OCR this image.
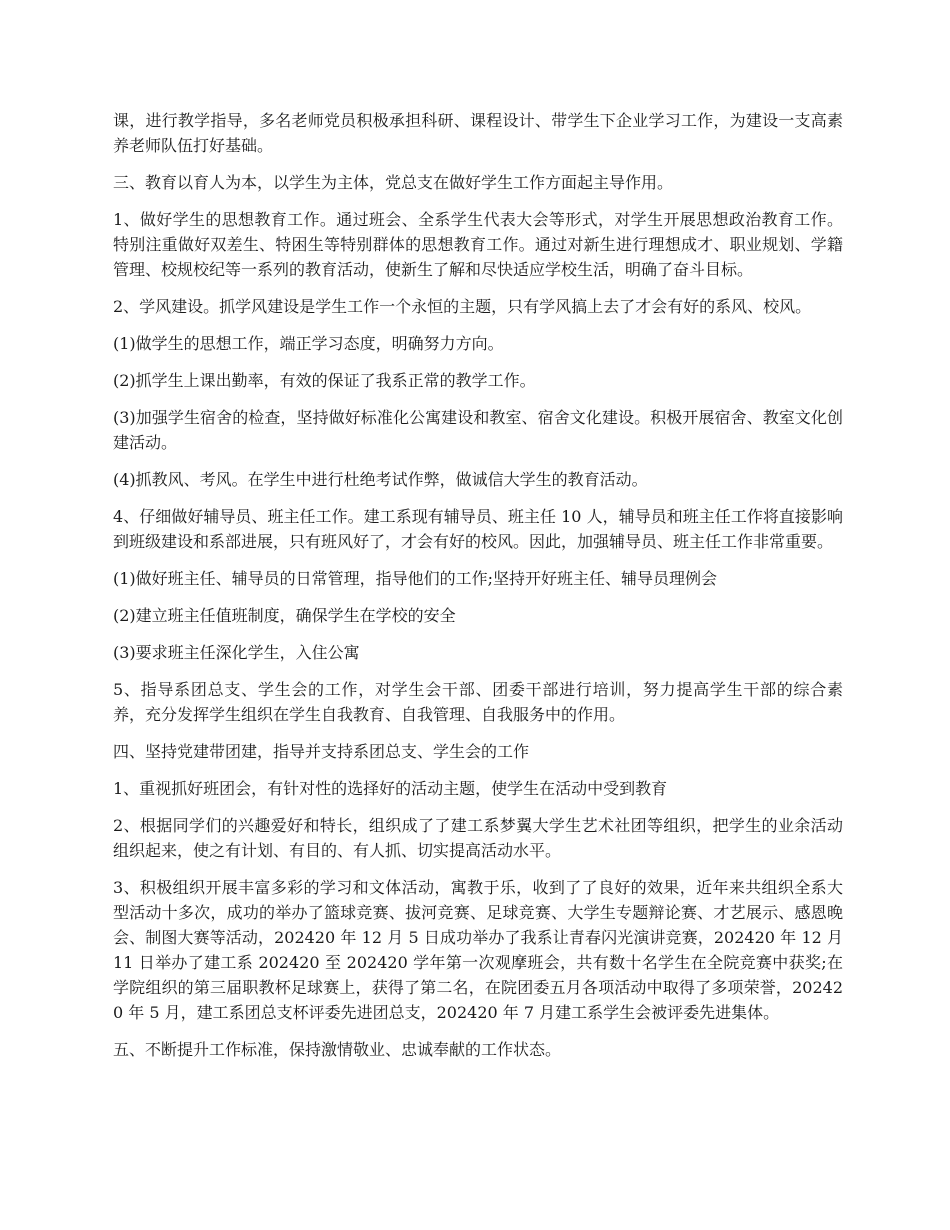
课，进行教学指导，多名老师党员积极承担科研、课程设计、带学生下企业学习工作，为建设一支高素养老师队伍打好基础。

三、教育以育人为本，以学生为主体，党总支在做好学生工作方面起主导作用。

1、做好学生的思想教育工作。通过班会、全系学生代表大会等形式，对学生开展思想政治教育工作。特别注重做好双差生、特困生等特别群体的思想教育工作。通过对新生进行理想成才、职业规划、学籍管理、校规校纪等一系列的教育活动，使新生了解和尽快适应学校生活，明确了奋斗目标。

2、学风建设。抓学风建设是学生工作一个永恒的主题，只有学风搞上去了才会有好的系风、校风。

(1)做学生的思想工作，端正学习态度，明确努力方向。

(2)抓学生上课出勤率，有效的保证了我系正常的教学工作。

(3)加强学生宿舍的检查，坚持做好标准化公寓建设和教室、宿舍文化建设。积极开展宿舍、教室文化创建活动。

(4)抓教风、考风。在学生中进行杜绝考试作弊，做诚信大学生的教育活动。

4、仔细做好辅导员、班主任工作。建工系现有辅导员、班主任 10 人，辅导员和班主任工作将直接影响到班级建设和系部进展，只有班风好了，才会有好的校风。因此，加强辅导员、班主任工作非常重要。

(1)做好班主任、辅导员的日常管理，指导他们的工作;坚持开好班主任、辅导员理例会

(2)建立班主任值班制度，确保学生在学校的安全

(3)要求班主任深化学生，入住公寓

5、指导系团总支、学生会的工作，对学生会干部、团委干部进行培训，努力提高学生干部的综合素养，充分发挥学生组织在学生自我教育、自我管理、自我服务中的作用。

四、坚持党建带团建，指导并支持系团总支、学生会的工作

1、重视抓好班团会，有针对性的选择好的活动主题，使学生在活动中受到教育

2、根据同学们的兴趣爱好和特长，组织成了了建工系梦翼大学生艺术社团等组织，把学生的业余活动组织起来，使之有计划、有目的、有人抓、切实提高活动水平。

3、积极组织开展丰富多彩的学习和文体活动，寓教于乐，收到了了良好的效果，近年来共组织全系大型活动十多次，成功的举办了篮球竞赛、拔河竞赛、足球竞赛、大学生专题辩论赛、才艺展示、感恩晚会、制图大赛等活动，202420 年 12 月 5 日成功举办了我系让青春闪光演讲竞赛，202420 年 12 月 11 日举办了建工系 202420 至 202420 学年第一次观摩班会，共有数十名学生在全院竞赛中获奖;在学院组织的第三届职教杯足球赛上，获得了第二名，在院团委五月各项活动中取得了多项荣誉，202420 年 5 月，建工系团总支杯评委先进团总支，202420 年 7 月建工系学生会被评委先进集体。

五、不断提升工作标准，保持激情敬业、忠诚奉献的工作状态。
